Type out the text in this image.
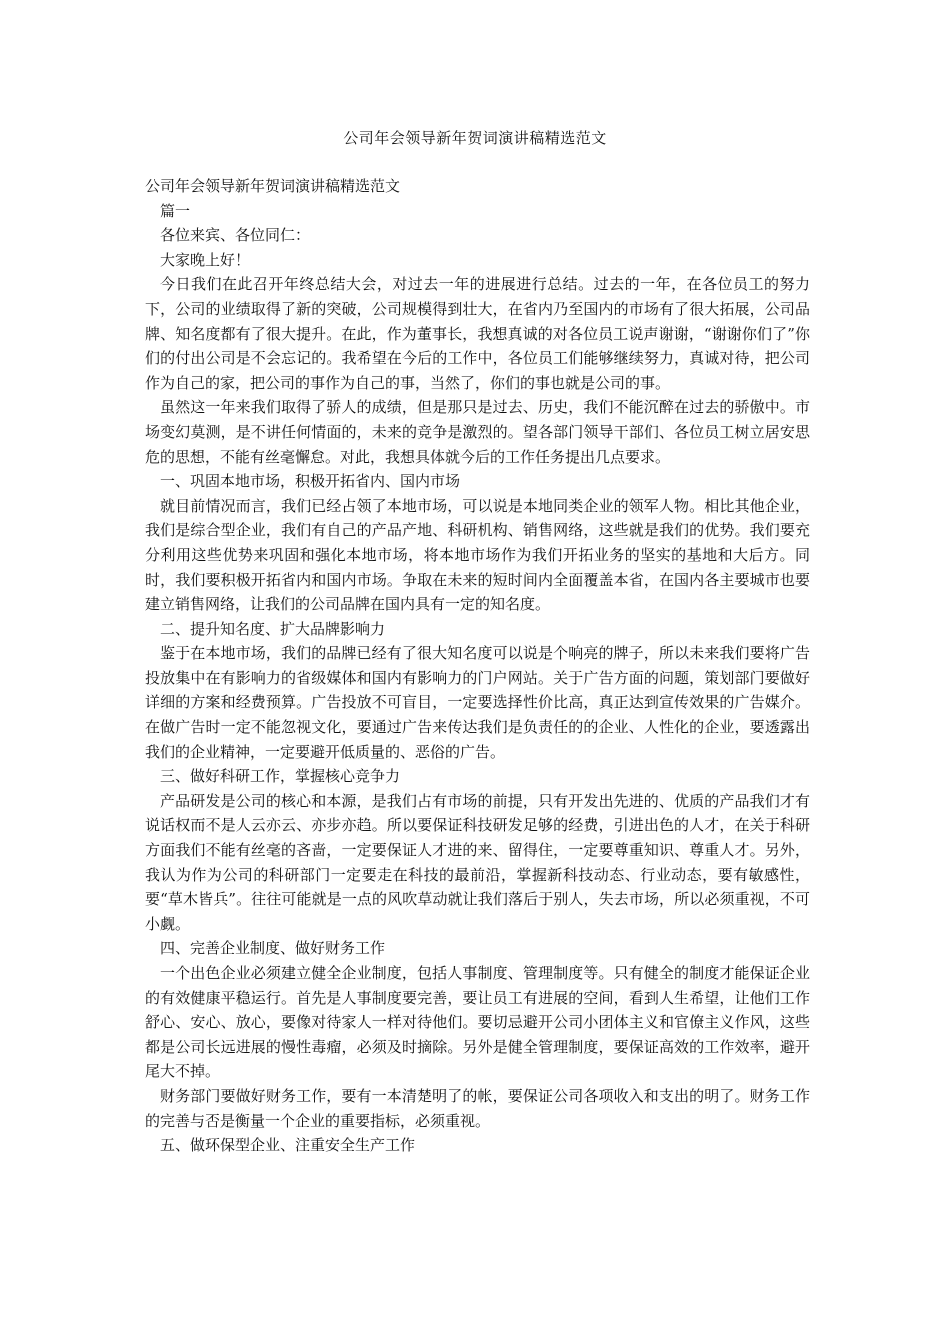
公司年会领导新年贺词演讲稿精选范文

公司年会领导新年贺词演讲稿精选范文

篇一

各位来宾、各位同仁：

大家晚上好！

今日我们在此召开年终总结大会，对过去一年的进展进行总结。过去的一年，在各位员工的努力下，公司的业绩取得了新的突破，公司规模得到壮大，在省内乃至国内的市场有了很大拓展，公司品牌、知名度都有了很大提升。在此，作为董事长，我想真诚的对各位员工说声谢谢，“谢谢你们了”你们的付出公司是不会忘记的。我希望在今后的工作中，各位员工们能够继续努力，真诚对待，把公司作为自己的家，把公司的事作为自己的事，当然了，你们的事也就是公司的事。

虽然这一年来我们取得了骄人的成绩，但是那只是过去、历史，我们不能沉醉在过去的骄傲中。市场变幻莫测，是不讲任何情面的，未来的竞争是激烈的。望各部门领导干部们、各位员工树立居安思危的思想，不能有丝毫懈怠。对此，我想具体就今后的工作任务提出几点要求。

一、巩固本地市场，积极开拓省内、国内市场

就目前情况而言，我们已经占领了本地市场，可以说是本地同类企业的领军人物。相比其他企业，我们是综合型企业，我们有自己的产品产地、科研机构、销售网络，这些就是我们的优势。我们要充分利用这些优势来巩固和强化本地市场，将本地市场作为我们开拓业务的坚实的基地和大后方。同时，我们要积极开拓省内和国内市场。争取在未来的短时间内全面覆盖本省，在国内各主要城市也要建立销售网络，让我们的公司品牌在国内具有一定的知名度。

二、提升知名度、扩大品牌影响力

鉴于在本地市场，我们的品牌已经有了很大知名度可以说是个响亮的牌子，所以未来我们要将广告投放集中在有影响力的省级媒体和国内有影响力的门户网站。关于广告方面的问题，策划部门要做好详细的方案和经费预算。广告投放不可盲目，一定要选择性价比高，真正达到宣传效果的广告媒介。在做广告时一定不能忽视文化，要通过广告来传达我们是负责任的的企业、人性化的企业，要透露出我们的企业精神，一定要避开低质量的、恶俗的广告。

三、做好科研工作，掌握核心竞争力

产品研发是公司的核心和本源，是我们占有市场的前提，只有开发出先进的、优质的产品我们才有说话权而不是人云亦云、亦步亦趋。所以要保证科技研发足够的经费，引进出色的人才，在关于科研方面我们不能有丝毫的吝啬，一定要保证人才进的来、留得住，一定要尊重知识、尊重人才。另外，我认为作为公司的科研部门一定要走在科技的最前沿，掌握新科技动态、行业动态，要有敏感性，要“草木皆兵”。往往可能就是一点的风吹草动就让我们落后于别人，失去市场，所以必须重视，不可小觑。

四、完善企业制度、做好财务工作

一个出色企业必须建立健全企业制度，包括人事制度、管理制度等。只有健全的制度才能保证企业的有效健康平稳运行。首先是人事制度要完善，要让员工有进展的空间，看到人生希望，让他们工作舒心、安心、放心，要像对待家人一样对待他们。要切忌避开公司小团体主义和官僚主义作风，这些都是公司长远进展的慢性毒瘤，必须及时摘除。另外是健全管理制度，要保证高效的工作效率，避开尾大不掉。

财务部门要做好财务工作，要有一本清楚明了的帐，要保证公司各项收入和支出的明了。财务工作的完善与否是衡量一个企业的重要指标，必须重视。

五、做环保型企业、注重安全生产工作
